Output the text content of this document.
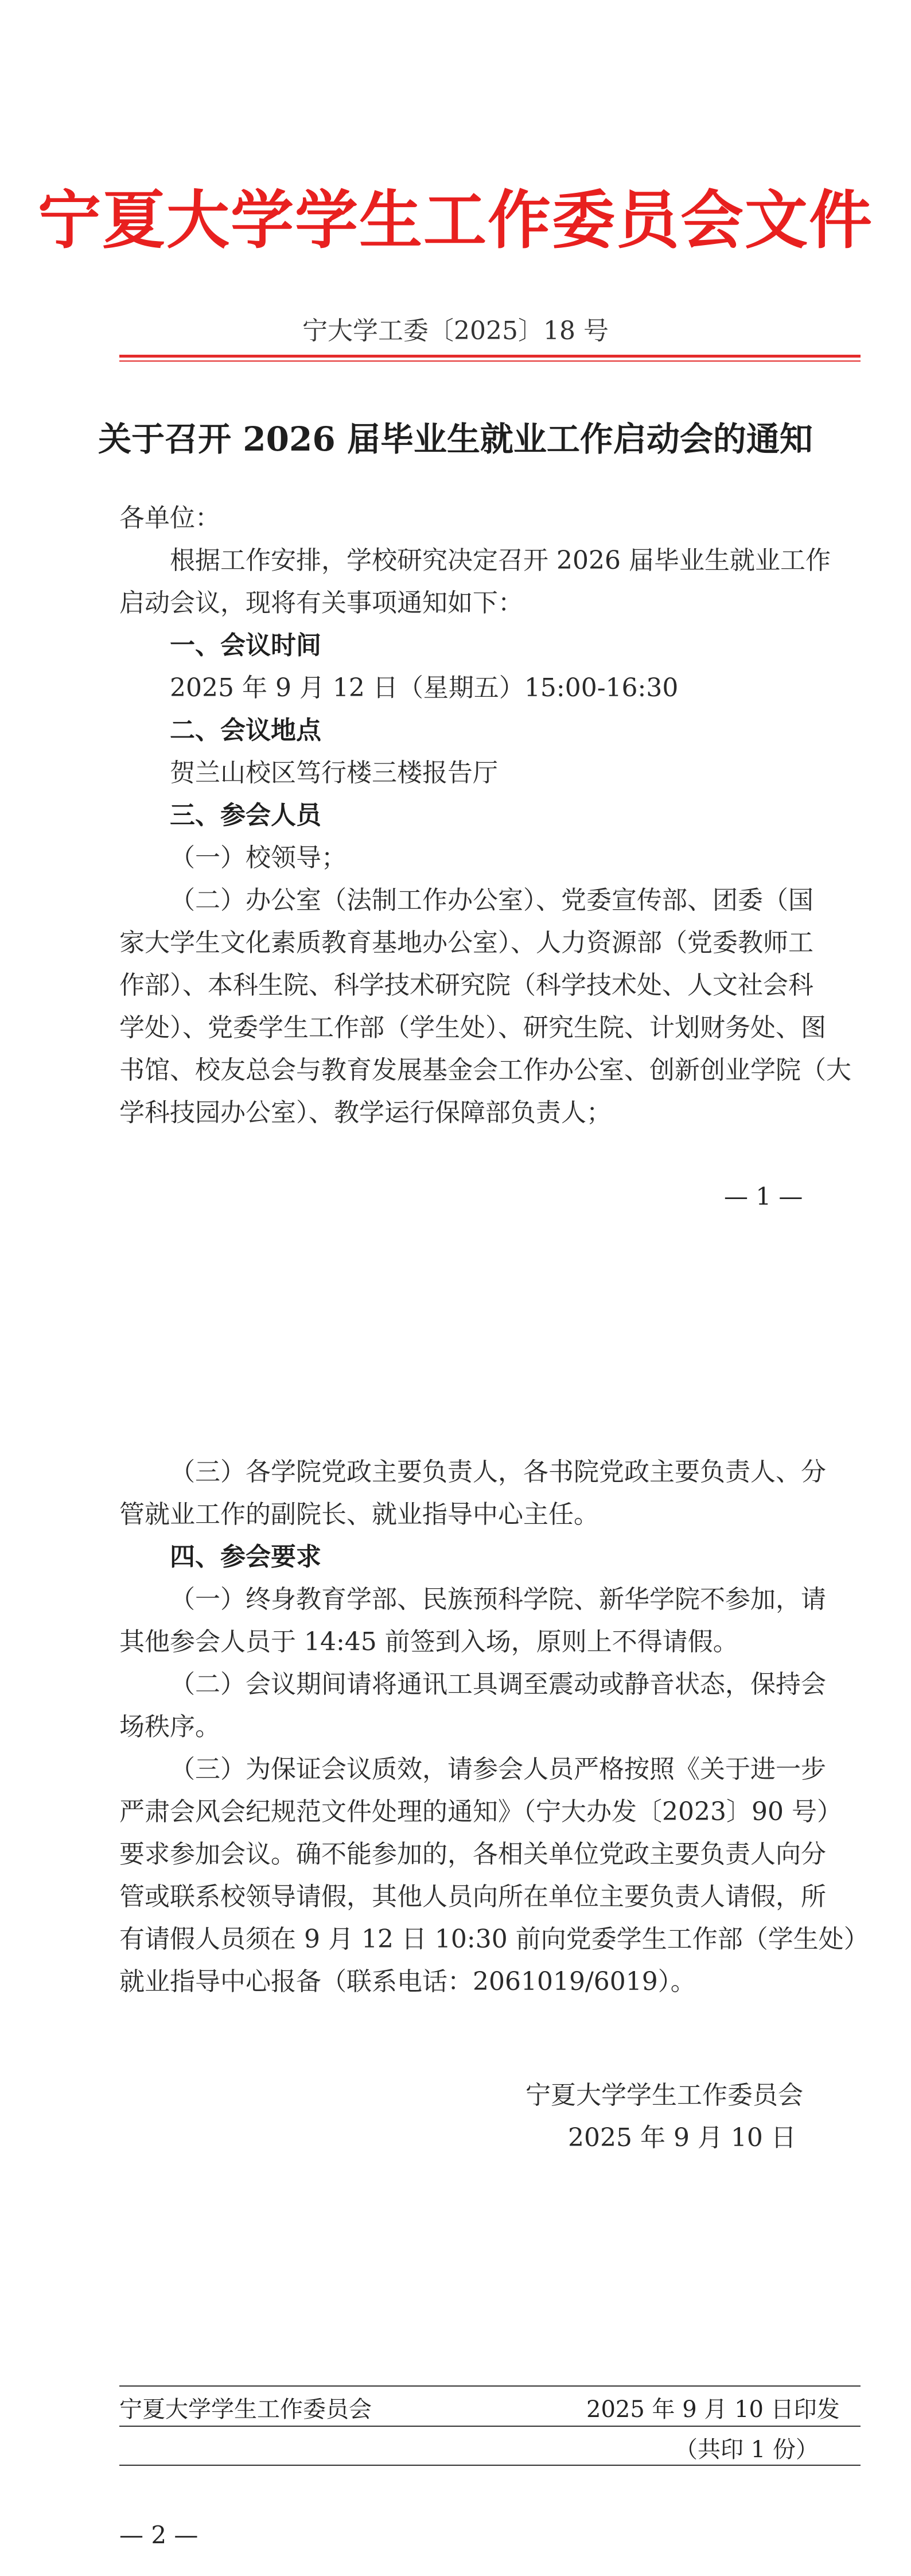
宁夏大学学生工作委员会文件
宁大学工委〔2025〕18 号
关于召开 2026 届毕业生就业工作启动会的通知
各单位：
根据工作安排，学校研究决定召开 2026 届毕业生就业工作
启动会议，现将有关事项通知如下：
一、会议时间
2025 年 9 月 12 日（星期五）15:00-16:30
二、会议地点
贺兰山校区笃行楼三楼报告厅
三、参会人员
（一）校领导；
（二）办公室（法制工作办公室）、党委宣传部、团委（国
家大学生文化素质教育基地办公室）、人力资源部（党委教师工
作部）、本科生院、科学技术研究院（科学技术处、人文社会科
学处）、党委学生工作部（学生处）、研究生院、计划财务处、图
书馆、校友总会与教育发展基金会工作办公室、创新创业学院（大
学科技园办公室）、教学运行保障部负责人；
— 1 —
（三）各学院党政主要负责人，各书院党政主要负责人、分
管就业工作的副院长、就业指导中心主任。
四、参会要求
（一）终身教育学部、民族预科学院、新华学院不参加，请
其他参会人员于 14:45 前签到入场，原则上不得请假。
（二）会议期间请将通讯工具调至震动或静音状态，保持会
场秩序。
（三）为保证会议质效，请参会人员严格按照《关于进一步
严肃会风会纪规范文件处理的通知》（宁大办发〔2023〕90 号）
要求参加会议。确不能参加的，各相关单位党政主要负责人向分
管或联系校领导请假，其他人员向所在单位主要负责人请假，所
有请假人员须在 9 月 12 日 10:30 前向党委学生工作部（学生处）
就业指导中心报备（联系电话：2061019/6019）。
宁夏大学学生工作委员会
2025 年 9 月 10 日
宁夏大学学生工作委员会	2025 年 9 月 10 日印发
（共印 1 份）
— 2 —
